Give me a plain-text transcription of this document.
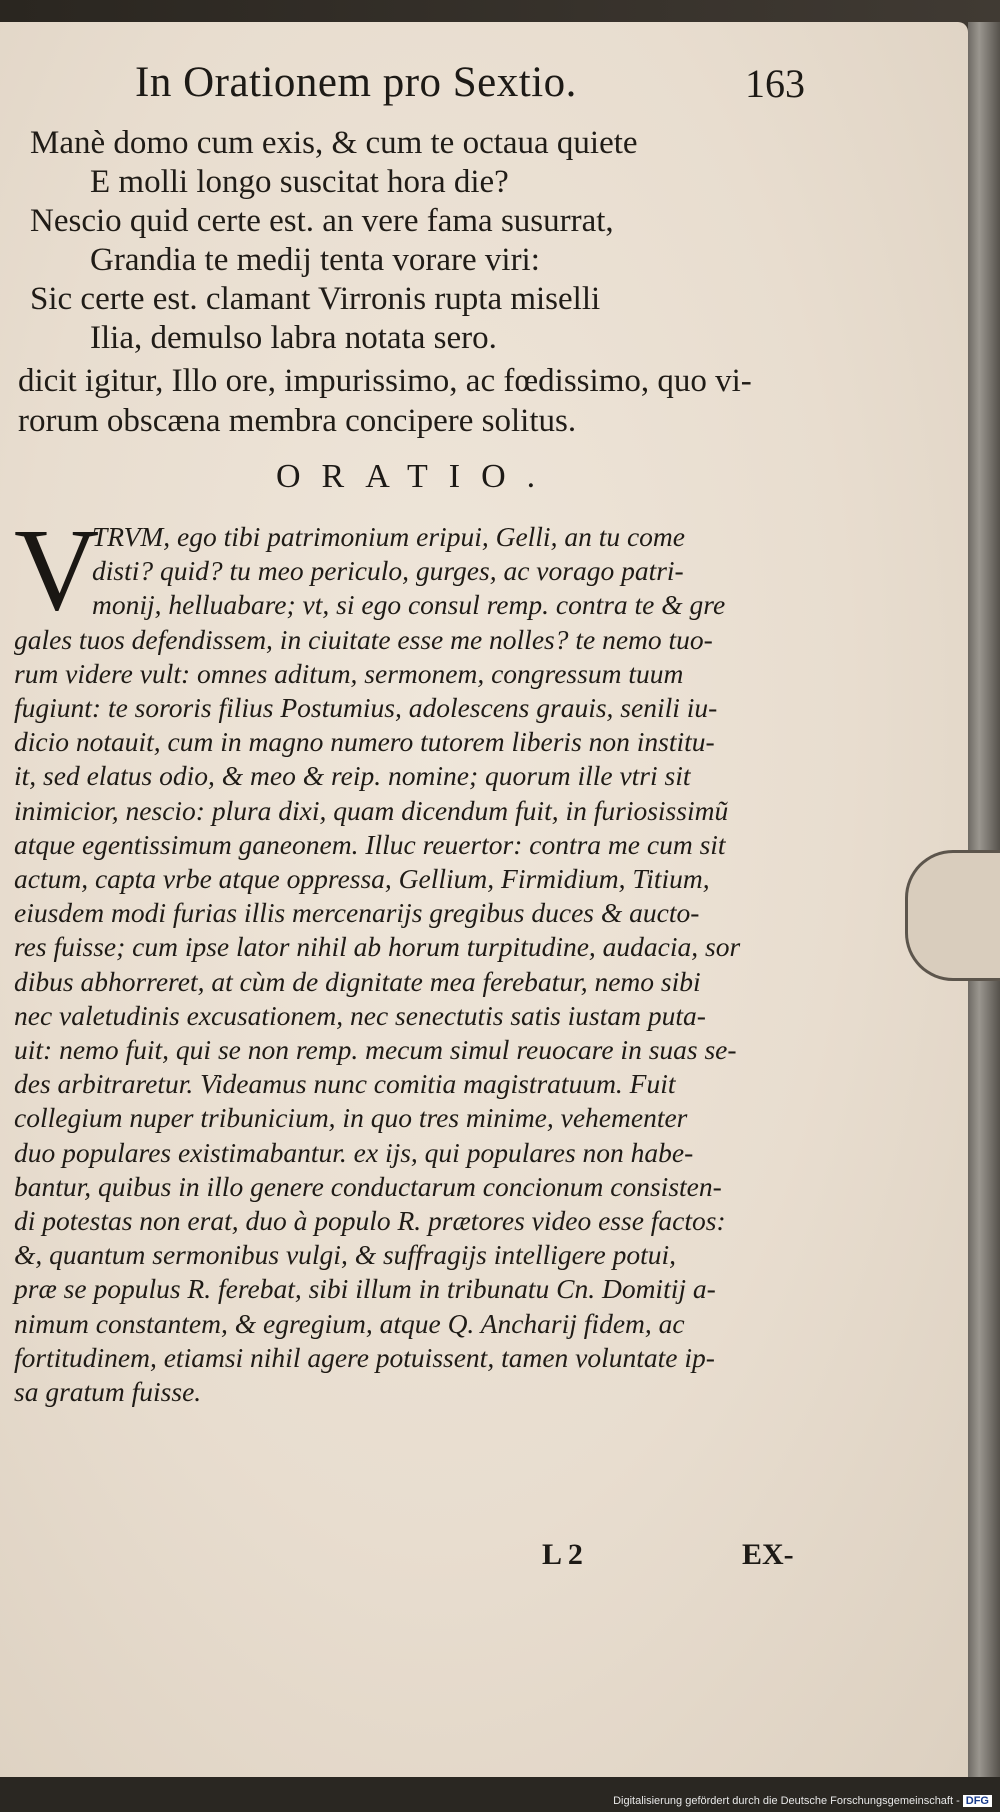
In Orationem pro Sextio.	163
Manè domo cum exis, & cum te octaua quiete
E molli longo suscitat hora die?
Nescio quid certe est. an vere fama susurrat,
Grandia te medij tenta vorare viri:
Sic certe est. clamant Virronis rupta miselli
Ilia, demulso labra notata sero.
dicit igitur, Illo ore, impurissimo, ac fœdissimo, quo vi-
rorum obscæna membra concipere solitus.
ORATIO.
V
TRVM, ego tibi patrimonium eripui, Gelli, an tu come
disti? quid? tu meo periculo, gurges, ac vorago patri-
monij, helluabare; vt, si ego consul remp. contra te & gre
gales tuos defendissem, in ciuitate esse me nolles? te nemo tuo-
rum videre vult: omnes aditum, sermonem, congressum tuum
fugiunt: te sororis filius Postumius, adolescens grauis, senili iu-
dicio notauit, cum in magno numero tutorem liberis non institu-
it, sed elatus odio, & meo & reip. nomine; quorum ille vtri sit
inimicior, nescio: plura dixi, quam dicendum fuit, in furiosissimũ
atque egentissimum ganeonem. Illuc reuertor: contra me cum sit
actum, capta vrbe atque oppressa, Gellium, Firmidium, Titium,
eiusdem modi furias illis mercenarijs gregibus duces & aucto-
res fuisse; cum ipse lator nihil ab horum turpitudine, audacia, sor
dibus abhorreret, at cùm de dignitate mea ferebatur, nemo sibi
nec valetudinis excusationem, nec senectutis satis iustam puta-
uit: nemo fuit, qui se non remp. mecum simul reuocare in suas se-
des arbitraretur. Videamus nunc comitia magistratuum. Fuit
collegium nuper tribunicium, in quo tres minime, vehementer
duo populares existimabantur. ex ijs, qui populares non habe-
bantur, quibus in illo genere conductarum concionum consisten-
di potestas non erat, duo à populo R. prætores video esse factos:
&, quantum sermonibus vulgi, & suffragijs intelligere potui,
præ se populus R. ferebat, sibi illum in tribunatu Cn. Domitij a-
nimum constantem, & egregium, atque Q. Ancharij fidem, ac
fortitudinem, etiamsi nihil agere potuissent, tamen voluntate ip-
sa gratum fuisse.
L 2	EX-
Digitalisierung gefördert durch die Deutsche Forschungsgemeinschaft - DFG
